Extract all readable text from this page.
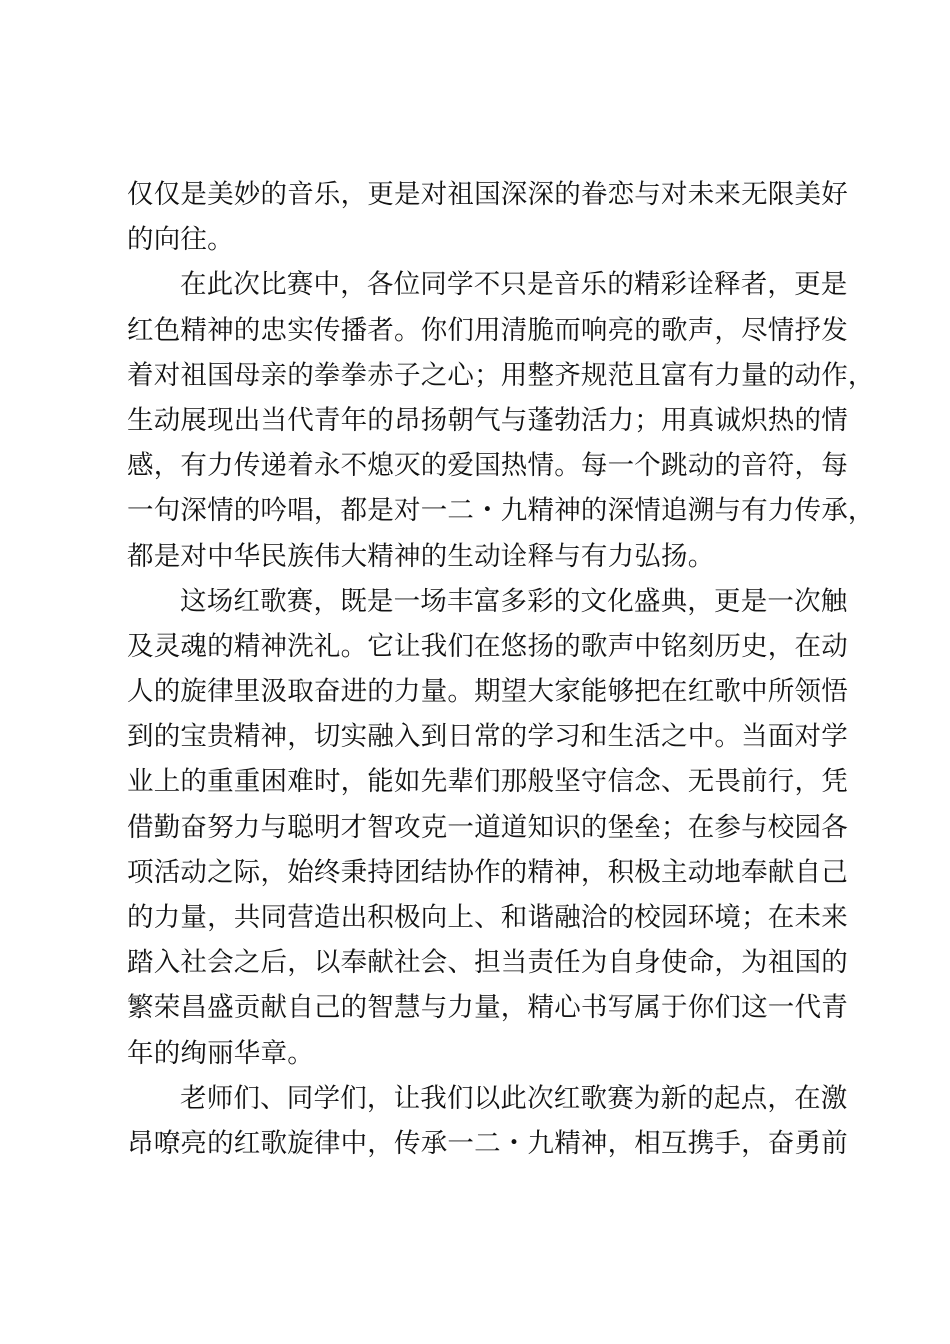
仅仅是美妙的音乐，更是对祖国深深的眷恋与对未来无限美好
的向往。
在此次比赛中，各位同学不只是音乐的精彩诠释者，更是
红色精神的忠实传播者。你们用清脆而响亮的歌声，尽情抒发
着对祖国母亲的拳拳赤子之心；用整齐规范且富有力量的动作，
生动展现出当代青年的昂扬朝气与蓬勃活力；用真诚炽热的情
感，有力传递着永不熄灭的爱国热情。每一个跳动的音符，每
一句深情的吟唱，都是对一二・九精神的深情追溯与有力传承，
都是对中华民族伟大精神的生动诠释与有力弘扬。
这场红歌赛，既是一场丰富多彩的文化盛典，更是一次触
及灵魂的精神洗礼。它让我们在悠扬的歌声中铭刻历史，在动
人的旋律里汲取奋进的力量。期望大家能够把在红歌中所领悟
到的宝贵精神，切实融入到日常的学习和生活之中。当面对学
业上的重重困难时，能如先辈们那般坚守信念、无畏前行，凭
借勤奋努力与聪明才智攻克一道道知识的堡垒；在参与校园各
项活动之际，始终秉持团结协作的精神，积极主动地奉献自己
的力量，共同营造出积极向上、和谐融洽的校园环境；在未来
踏入社会之后，以奉献社会、担当责任为自身使命，为祖国的
繁荣昌盛贡献自己的智慧与力量，精心书写属于你们这一代青
年的绚丽华章。
老师们、同学们，让我们以此次红歌赛为新的起点，在激
昂嘹亮的红歌旋律中，传承一二・九精神，相互携手，奋勇前
